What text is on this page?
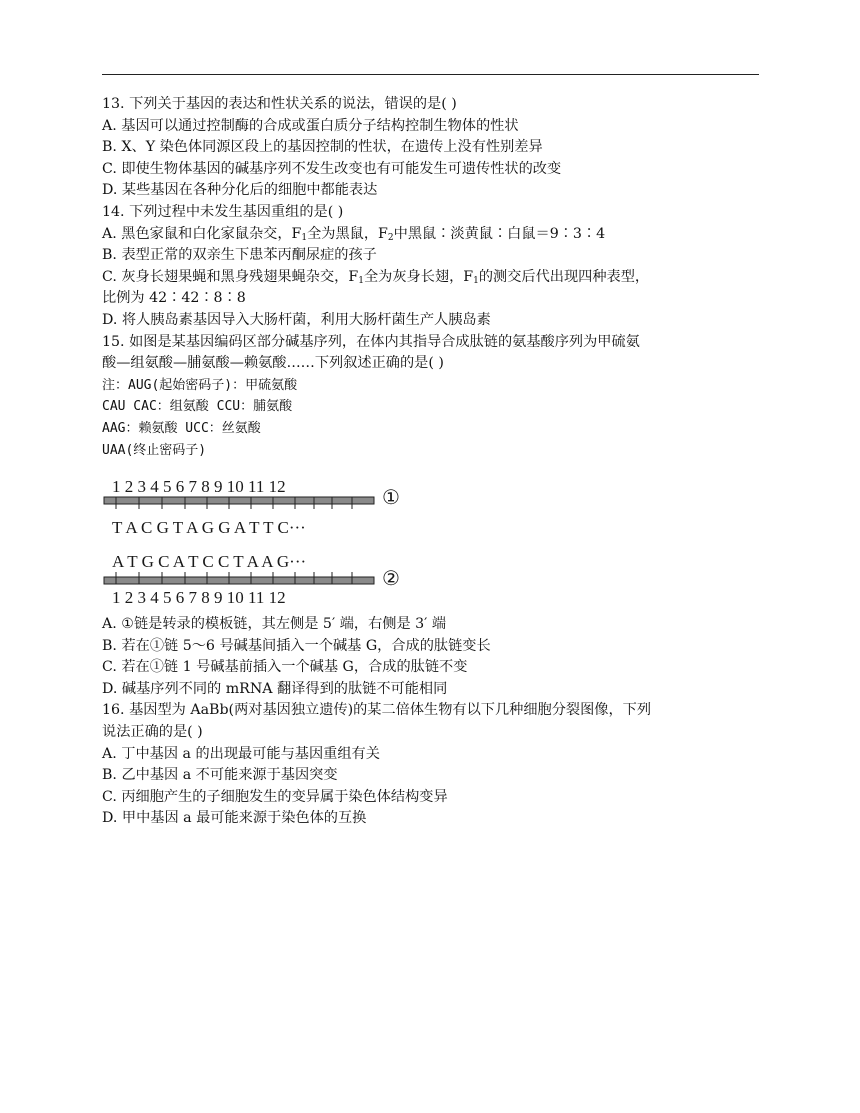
13. 下列关于基因的表达和性状关系的说法，错误的是( )
A. 基因可以通过控制酶的合成或蛋白质分子结构控制生物体的性状
B. X、Y 染色体同源区段上的基因控制的性状，在遗传上没有性别差异
C. 即使生物体基因的碱基序列不发生改变也有可能发生可遗传性状的改变
D. 某些基因在各种分化后的细胞中都能表达
14. 下列过程中未发生基因重组的是( )
A. 黑色家鼠和白化家鼠杂交，$F_1$全为黑鼠，$F_2$中黑鼠∶淡黄鼠∶白鼠＝9∶3∶4
B. 表型正常的双亲生下患苯丙酮尿症的孩子
C. 灰身长翅果蝇和黑身残翅果蝇杂交，$F_1$全为灰身长翅，$F_1$的测交后代出现四种表型，
比例为 42∶42∶8∶8
D. 将人胰岛素基因导入大肠杆菌，利用大肠杆菌生产人胰岛素
15. 如图是某基因编码区部分碱基序列，在体内其指导合成肽链的氨基酸序列为甲硫氨
酸—组氨酸—脯氨酸—赖氨酸……下列叙述正确的是( )
注：AUG(起始密码子)：甲硫氨酸
CAU CAC：组氨酸 CCU：脯氨酸
AAG：赖氨酸 UCC：丝氨酸
UAA(终止密码子)
1 2 3 4 5 6 7 8 9 10 11 12	①
T A C G T A G G A T T C···
A T G C A T C C T A A G···
②
1 2 3 4 5 6 7 8 9 10 11 12
A. ①链是转录的模板链，其左侧是 5′ 端，右侧是 3′ 端
B. 若在①链 5～6 号碱基间插入一个碱基 G，合成的肽链变长
C. 若在①链 1 号碱基前插入一个碱基 G，合成的肽链不变
D. 碱基序列不同的 mRNA 翻译得到的肽链不可能相同
16. 基因型为 AaBb(两对基因独立遗传)的某二倍体生物有以下几种细胞分裂图像，下列
说法正确的是( )
A. 丁中基因 a 的出现最可能与基因重组有关
B. 乙中基因 a 不可能来源于基因突变
C. 丙细胞产生的子细胞发生的变异属于染色体结构变异
D. 甲中基因 a 最可能来源于染色体的互换
